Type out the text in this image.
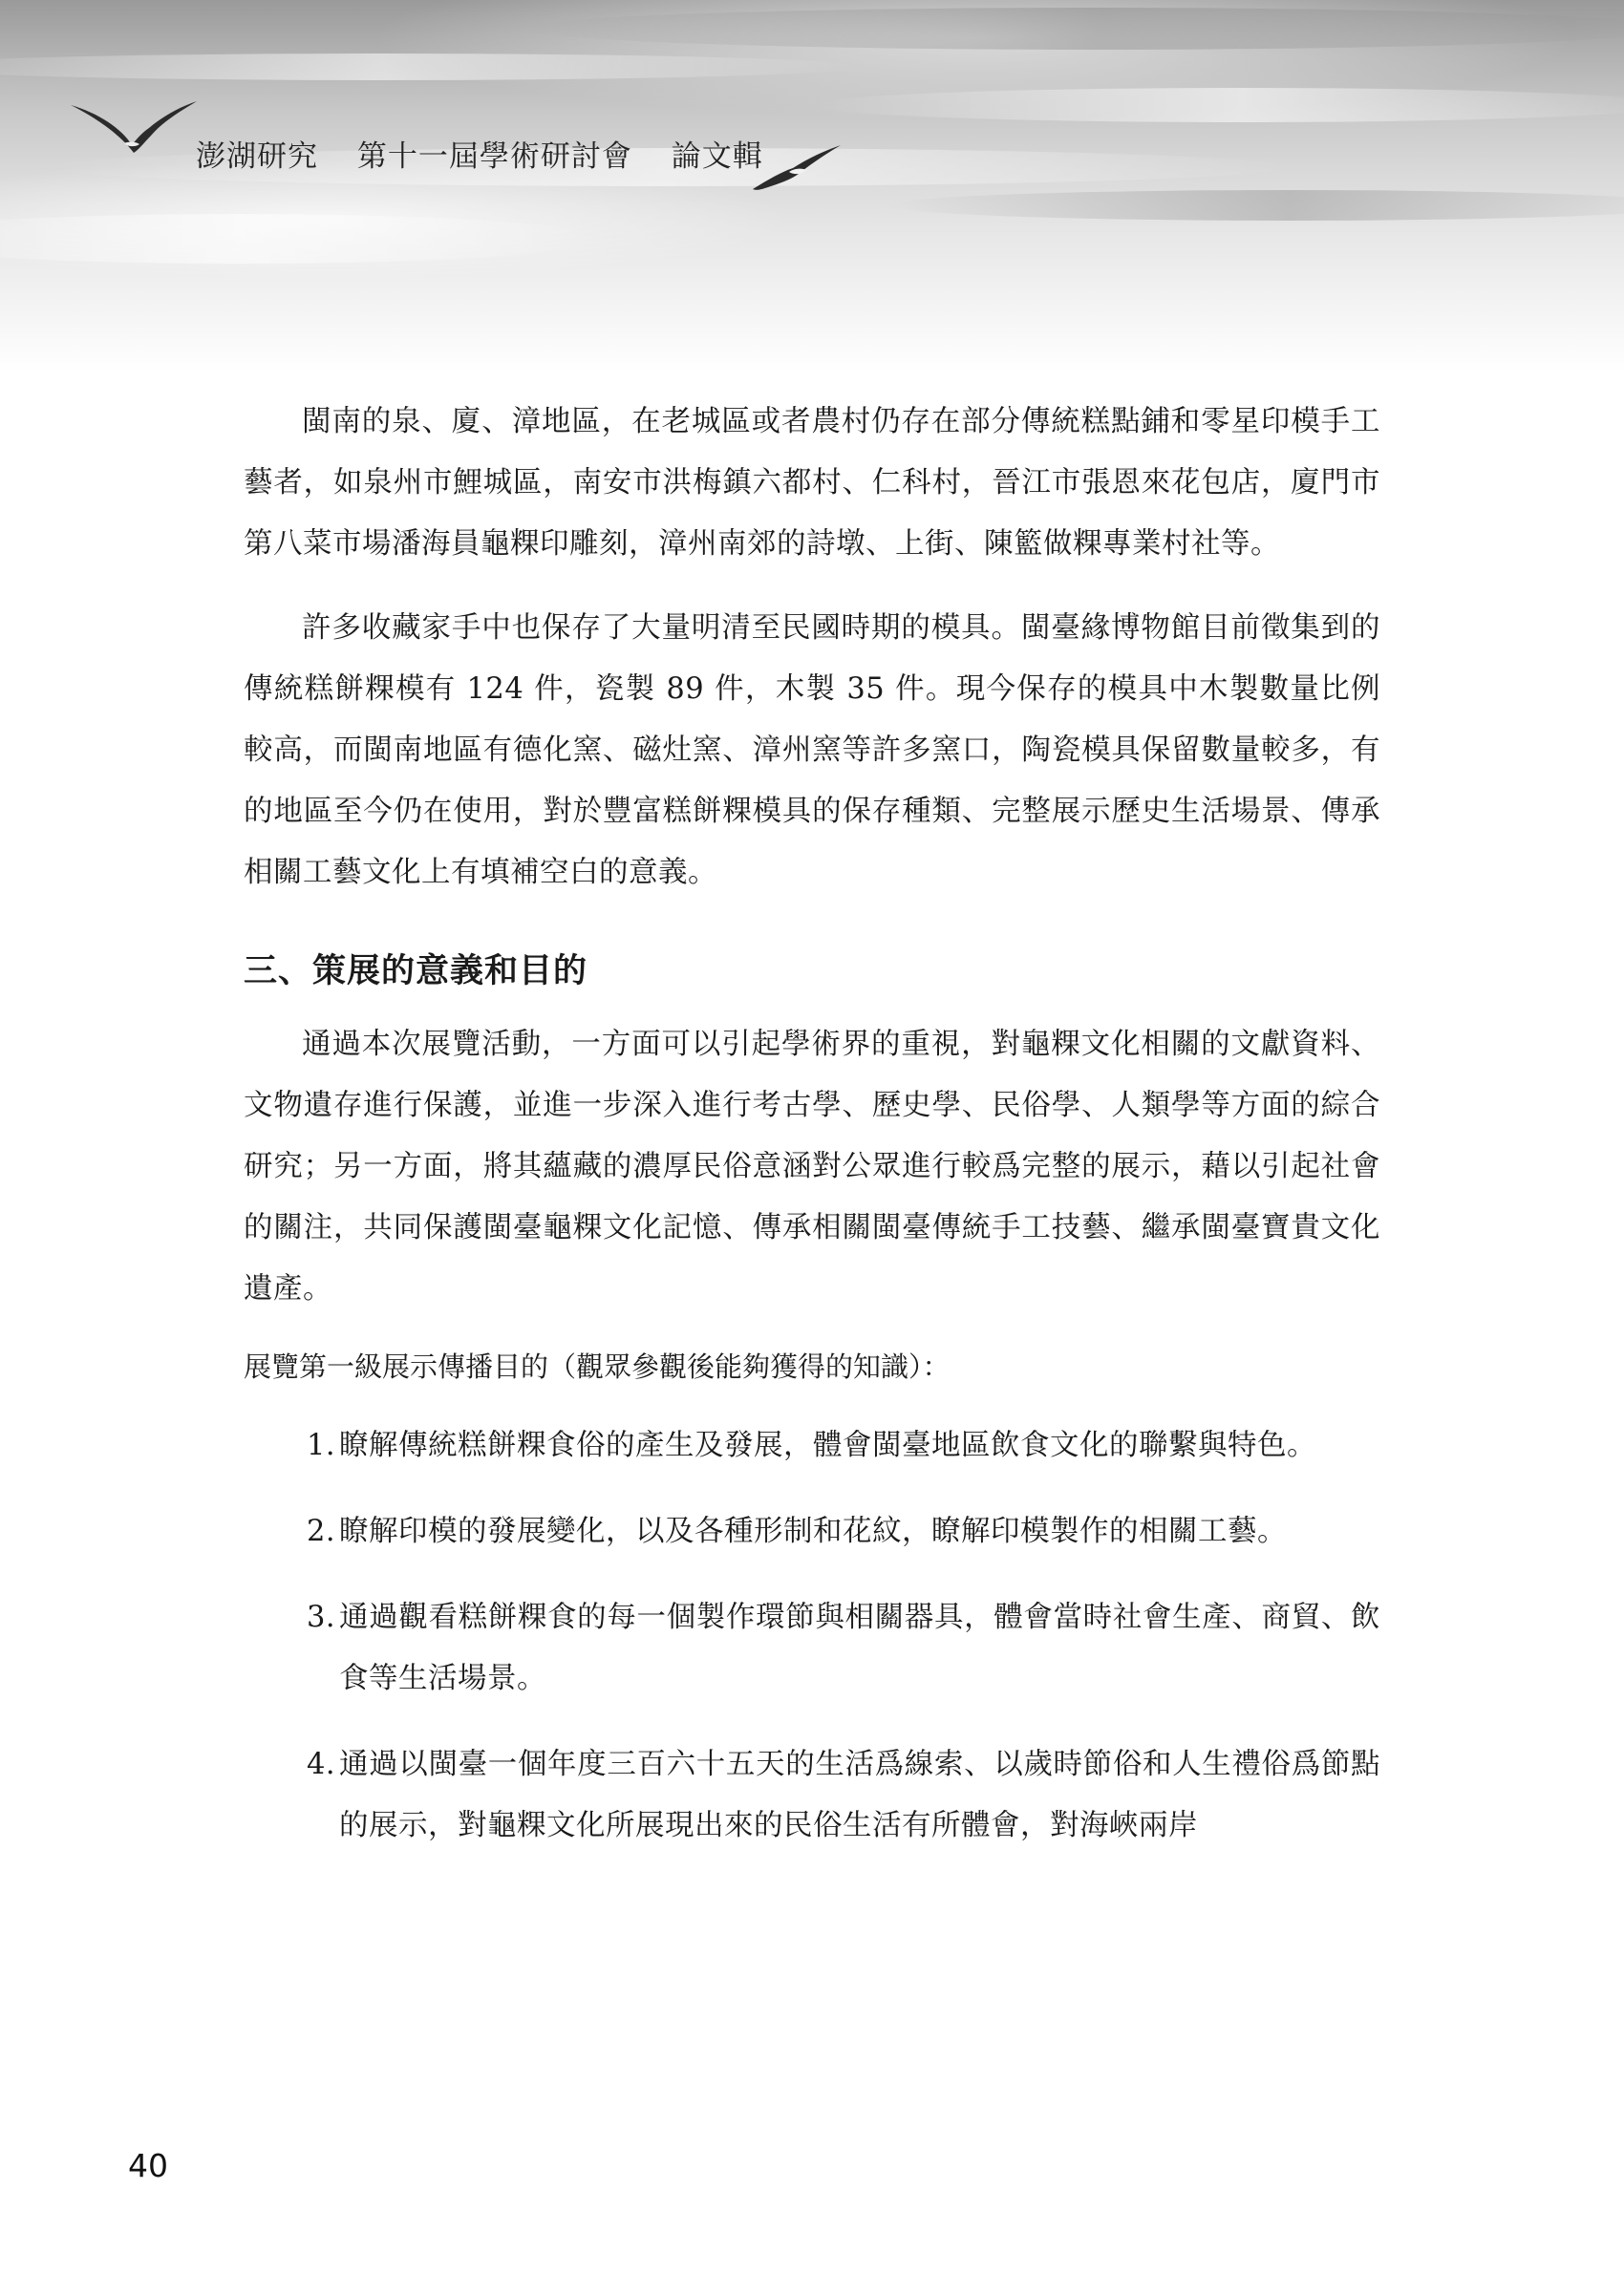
澎湖研究 第十一屆學術研討會 論文輯

閩南的泉、廈、漳地區，在老城區或者農村仍存在部分傳統糕點鋪和零星印模手工藝者，如泉州市鯉城區，南安市洪梅鎮六都村、仁科村，晉江市張恩來花包店，廈門市第八菜市場潘海員龜粿印雕刻，漳州南郊的詩墩、上街、陳籃做粿專業村社等。

許多收藏家手中也保存了大量明清至民國時期的模具。閩臺緣博物館目前徵集到的傳統糕餅粿模有 124 件，瓷製 89 件，木製 35 件。現今保存的模具中木製數量比例較高，而閩南地區有德化窯、磁灶窯、漳州窯等許多窯口，陶瓷模具保留數量較多，有的地區至今仍在使用，對於豐富糕餅粿模具的保存種類、完整展示歷史生活場景、傳承相關工藝文化上有填補空白的意義。

三、策展的意義和目的

通過本次展覽活動，一方面可以引起學術界的重視，對龜粿文化相關的文獻資料、文物遺存進行保護，並進一步深入進行考古學、歷史學、民俗學、人類學等方面的綜合研究；另一方面，將其蘊藏的濃厚民俗意涵對公眾進行較爲完整的展示，藉以引起社會的關注，共同保護閩臺龜粿文化記憶、傳承相關閩臺傳統手工技藝、繼承閩臺寶貴文化遺產。

展覽第一級展示傳播目的（觀眾參觀後能夠獲得的知識）：
1. 瞭解傳統糕餅粿食俗的產生及發展，體會閩臺地區飲食文化的聯繫與特色。
2. 瞭解印模的發展變化，以及各種形制和花紋，瞭解印模製作的相關工藝。
3. 通過觀看糕餅粿食的每一個製作環節與相關器具，體會當時社會生產、商貿、飲食等生活場景。
4. 通過以閩臺一個年度三百六十五天的生活爲線索、以歲時節俗和人生禮俗爲節點的展示，對龜粿文化所展現出來的民俗生活有所體會，對海峽兩岸
40
